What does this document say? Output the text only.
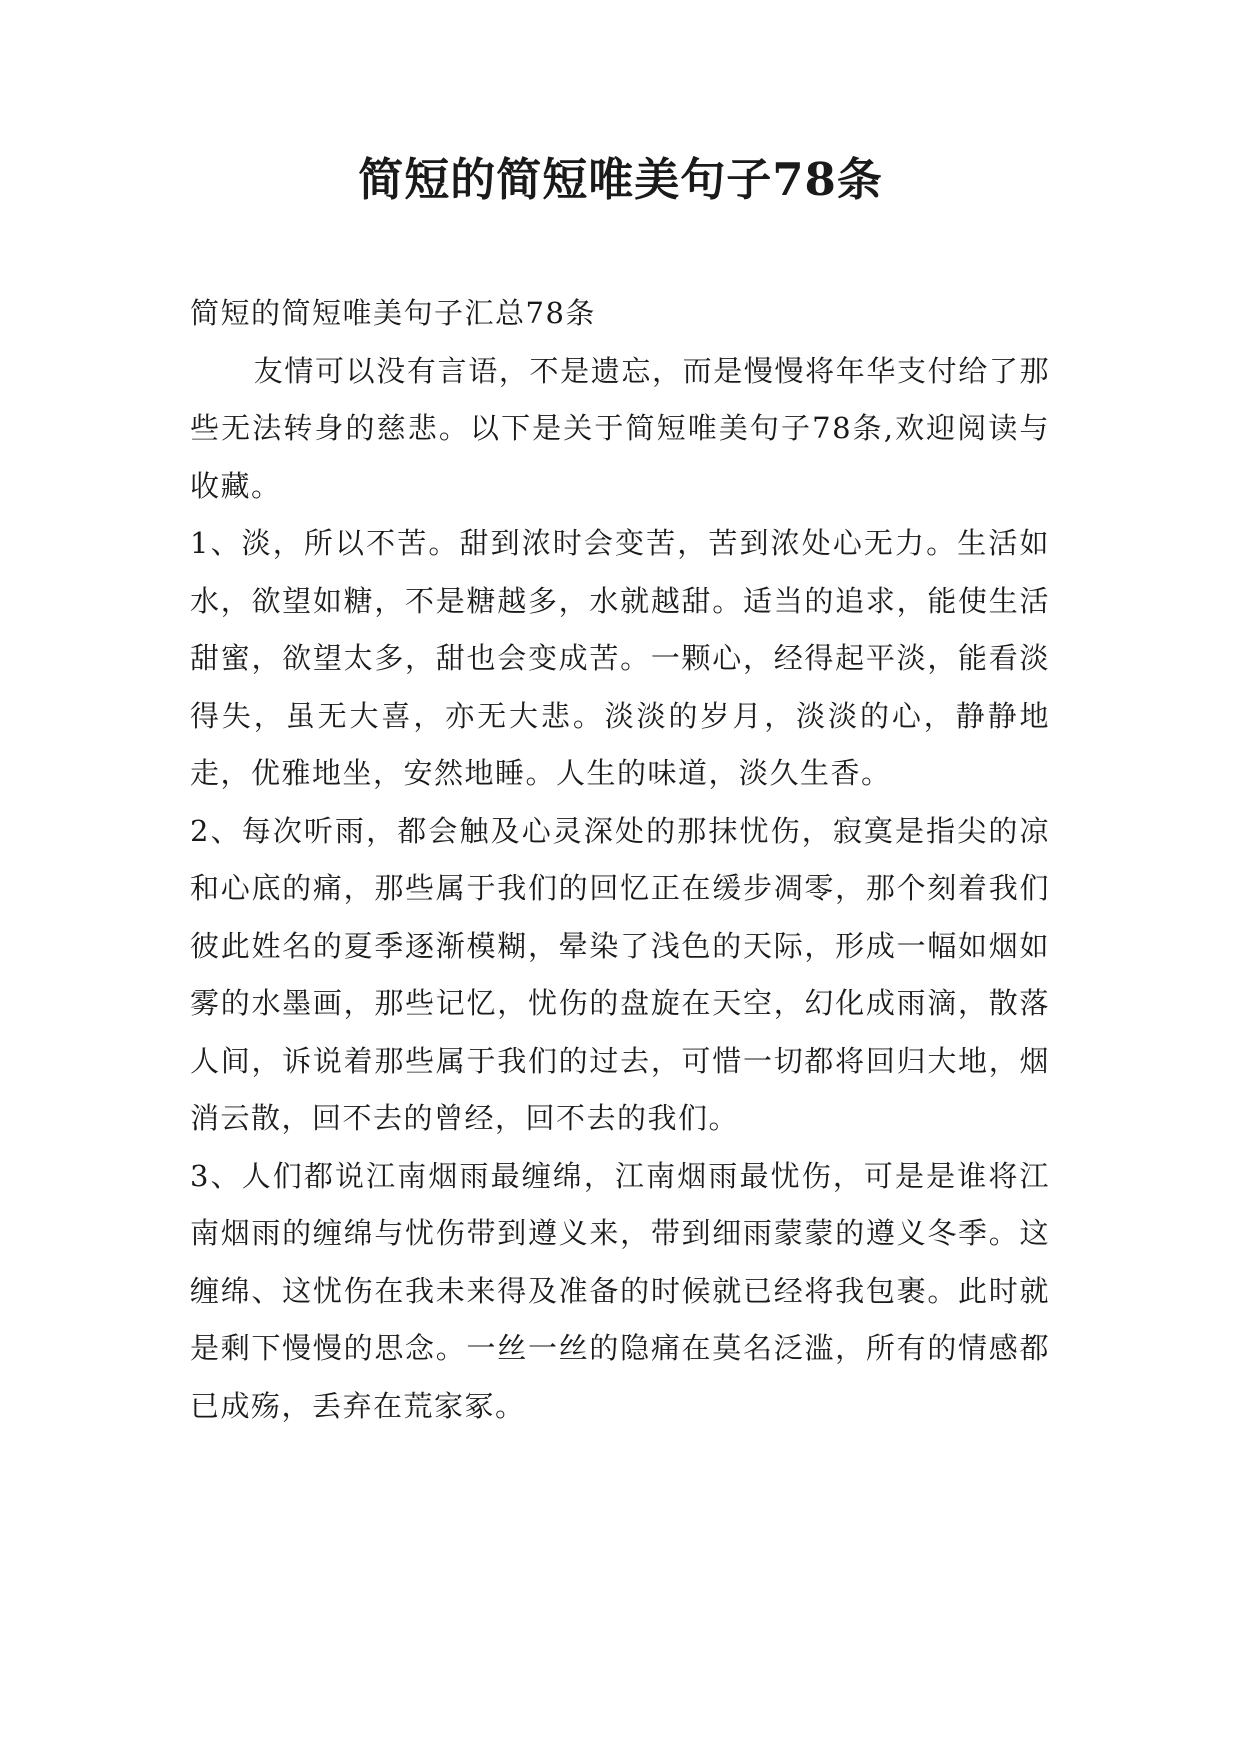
简短的简短唯美句子78条

简短的简短唯美句子汇总78条

友情可以没有言语，不是遗忘，而是慢慢将年华支付给了那些无法转身的慈悲。以下是关于简短唯美句子78条,欢迎阅读与收藏。

1、淡，所以不苦。甜到浓时会变苦，苦到浓处心无力。生活如水，欲望如糖，不是糖越多，水就越甜。适当的追求，能使生活甜蜜，欲望太多，甜也会变成苦。一颗心，经得起平淡，能看淡得失，虽无大喜，亦无大悲。淡淡的岁月，淡淡的心，静静地走，优雅地坐，安然地睡。人生的味道，淡久生香。

2、每次听雨，都会触及心灵深处的那抹忧伤，寂寞是指尖的凉和心底的痛，那些属于我们的回忆正在缓步凋零，那个刻着我们彼此姓名的夏季逐渐模糊，晕染了浅色的天际，形成一幅如烟如雾的水墨画，那些记忆，忧伤的盘旋在天空，幻化成雨滴，散落人间，诉说着那些属于我们的过去，可惜一切都将回归大地，烟消云散，回不去的曾经，回不去的我们。

3、人们都说江南烟雨最缠绵，江南烟雨最忧伤，可是是谁将江南烟雨的缠绵与忧伤带到遵义来，带到细雨蒙蒙的遵义冬季。这缠绵、这忧伤在我未来得及准备的时候就已经将我包裹。此时就是剩下慢慢的思念。一丝一丝的隐痛在莫名泛滥，所有的情感都已成殇，丢弃在荒家冢。
